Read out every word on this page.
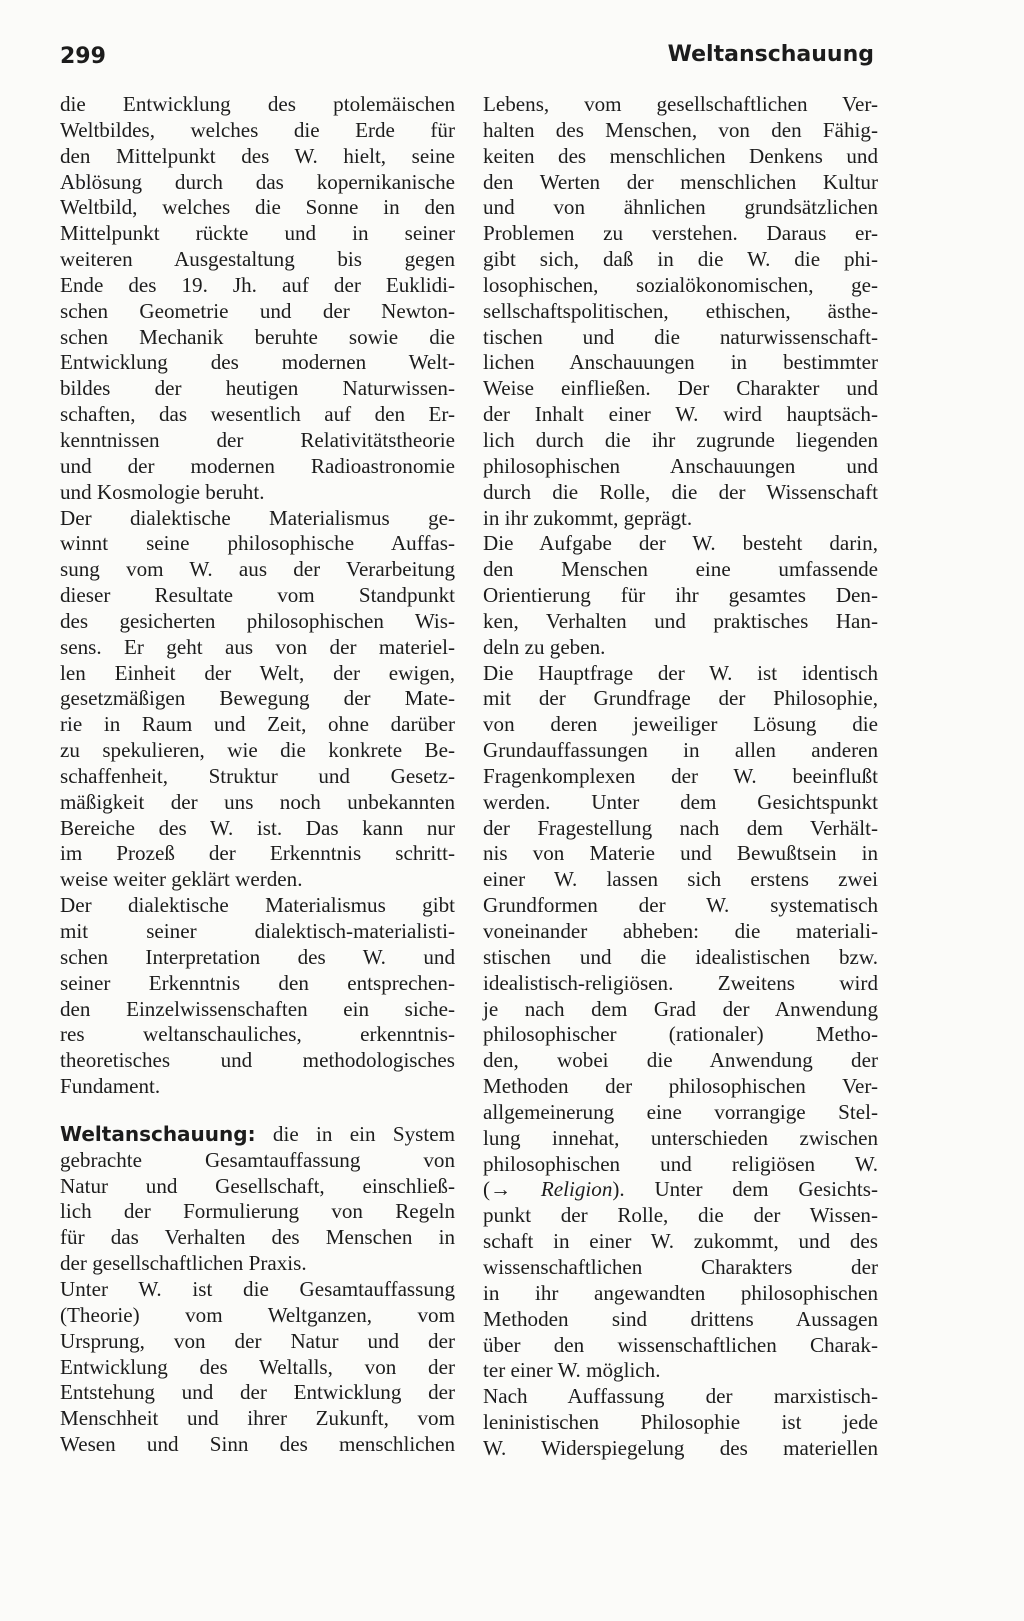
299	Weltanschauung
die Entwicklung des ptolemäischen
Weltbildes, welches die Erde für
den Mittelpunkt des W. hielt, seine
Ablösung durch das kopernikanische
Weltbild, welches die Sonne in den
Mittelpunkt rückte und in seiner
weiteren Ausgestaltung bis gegen
Ende des 19. Jh. auf der Euklidi-
schen Geometrie und der Newton-
schen Mechanik beruhte sowie die
Entwicklung des modernen Welt-
bildes der heutigen Naturwissen-
schaften, das wesentlich auf den Er-
kenntnissen der Relativitätstheorie
und der modernen Radioastronomie
und Kosmologie beruht.
Der dialektische Materialismus ge-
winnt seine philosophische Auffas-
sung vom W. aus der Verarbeitung
dieser Resultate vom Standpunkt
des gesicherten philosophischen Wis-
sens. Er geht aus von der materiel-
len Einheit der Welt, der ewigen,
gesetzmäßigen Bewegung der Mate-
rie in Raum und Zeit, ohne darüber
zu spekulieren, wie die konkrete Be-
schaffenheit, Struktur und Gesetz-
mäßigkeit der uns noch unbekannten
Bereiche des W. ist. Das kann nur
im Prozeß der Erkenntnis schritt-
weise weiter geklärt werden.
Der dialektische Materialismus gibt
mit seiner dialektisch-materialisti-
schen Interpretation des W. und
seiner Erkenntnis den entsprechen-
den Einzelwissenschaften ein siche-
res weltanschauliches, erkenntnis-
theoretisches und methodologisches
Fundament.
Weltanschauung: die in ein System
gebrachte Gesamtauffassung von
Natur und Gesellschaft, einschließ-
lich der Formulierung von Regeln
für das Verhalten des Menschen in
der gesellschaftlichen Praxis.
Unter W. ist die Gesamtauffassung
(Theorie) vom Weltganzen, vom
Ursprung, von der Natur und der
Entwicklung des Weltalls, von der
Entstehung und der Entwicklung der
Menschheit und ihrer Zukunft, vom
Wesen und Sinn des menschlichen
Lebens, vom gesellschaftlichen Ver-
halten des Menschen, von den Fähig-
keiten des menschlichen Denkens und
den Werten der menschlichen Kultur
und von ähnlichen grundsätzlichen
Problemen zu verstehen. Daraus er-
gibt sich, daß in die W. die phi-
losophischen, sozialökonomischen, ge-
sellschaftspolitischen, ethischen, ästhe-
tischen und die naturwissenschaft-
lichen Anschauungen in bestimmter
Weise einfließen. Der Charakter und
der Inhalt einer W. wird hauptsäch-
lich durch die ihr zugrunde liegenden
philosophischen Anschauungen und
durch die Rolle, die der Wissenschaft
in ihr zukommt, geprägt.
Die Aufgabe der W. besteht darin,
den Menschen eine umfassende
Orientierung für ihr gesamtes Den-
ken, Verhalten und praktisches Han-
deln zu geben.
Die Hauptfrage der W. ist identisch
mit der Grundfrage der Philosophie,
von deren jeweiliger Lösung die
Grundauffassungen in allen anderen
Fragenkomplexen der W. beeinflußt
werden. Unter dem Gesichtspunkt
der Fragestellung nach dem Verhält-
nis von Materie und Bewußtsein in
einer W. lassen sich erstens zwei
Grundformen der W. systematisch
voneinander abheben: die materiali-
stischen und die idealistischen bzw.
idealistisch-religiösen. Zweitens wird
je nach dem Grad der Anwendung
philosophischer (rationaler) Metho-
den, wobei die Anwendung der
Methoden der philosophischen Ver-
allgemeinerung eine vorrangige Stel-
lung innehat, unterschieden zwischen
philosophischen und religiösen W.
(→ Religion). Unter dem Gesichts-
punkt der Rolle, die der Wissen-
schaft in einer W. zukommt, und des
wissenschaftlichen Charakters der
in ihr angewandten philosophischen
Methoden sind drittens Aussagen
über den wissenschaftlichen Charak-
ter einer W. möglich.
Nach Auffassung der marxistisch-
leninistischen Philosophie ist jede
W. Widerspiegelung des materiellen
